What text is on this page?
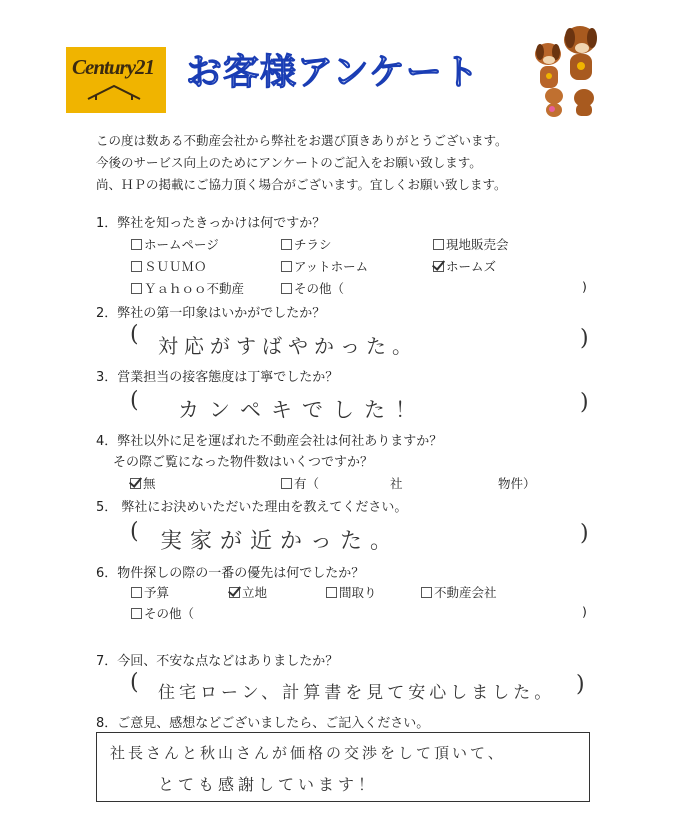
Century21 お客様アンケート
この度は数ある不動産会社から弊社をお選び頂きありがとうございます。
今後のサービス向上のためにアンケートのご記入をお願い致します。
尚、ＨＰの掲載にご協力頂く場合がございます。宜しくお願い致します。
1．弊社を知ったきっかけは何ですか？
ホームページ	チラシ	現地販売会
ＳＵＵＭＯ	アットホーム	ホームズ
Ｙａｈｏｏ不動産	その他（	)
2．弊社の第一印象はいかがでしたか？
( 対応がすばやかった。	)
3．営業担当の接客態度は丁寧でしたか？
( カンペキでした！	)
4．弊社以外に足を運ばれた不動産会社は何社ありますか？
その際ご覧になった物件数はいくつですか？
無	有（	社	物件）
5． 弊社にお決めいただいた理由を教えてください。
( 実家が近かった。	)
6．物件探しの際の一番の優先は何でしたか？
予算	立地	間取り	不動産会社
その他（	)
7．今回、不安な点などはありましたか？
( 住宅ローン、計算書を見て安心しました。 )
8．ご意見、感想などございましたら、ご記入ください。
社長さんと秋山さんが価格の交渉をして頂いて、
とても感謝しています！
